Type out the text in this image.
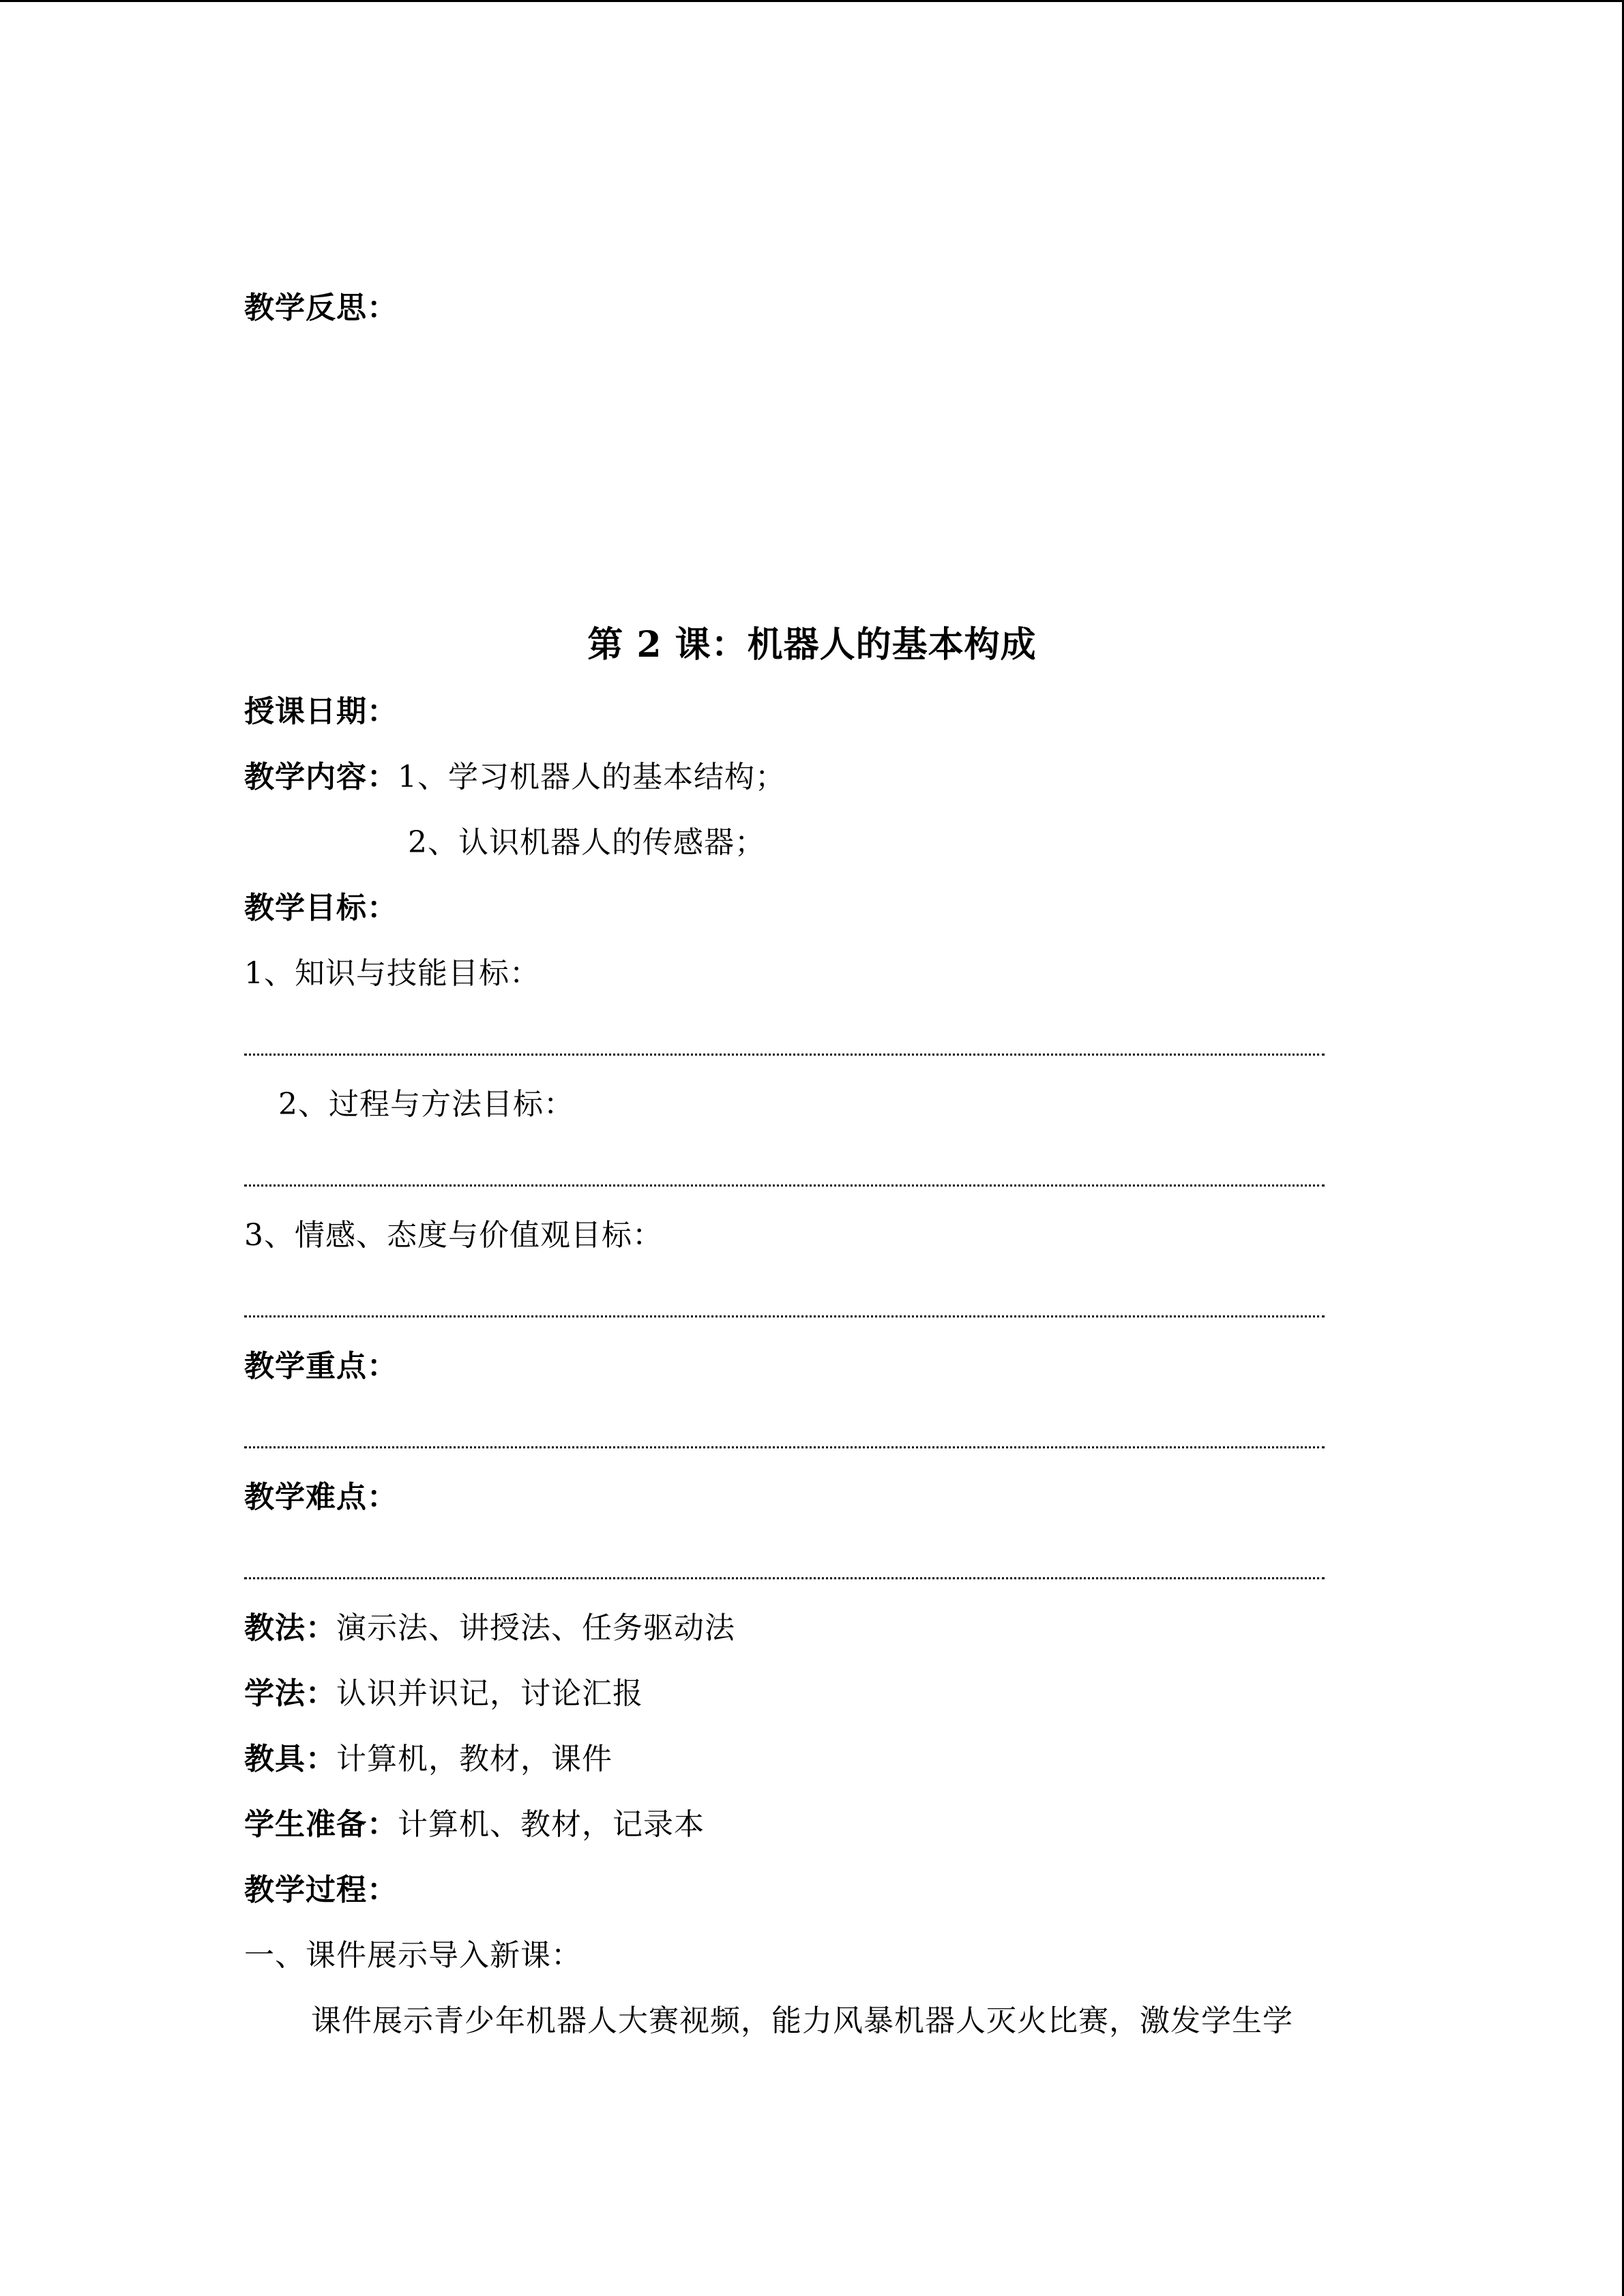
教学反思：
第 2 课：机器人的基本构成
授课日期：
教学内容：1、学习机器人的基本结构；
2、认识机器人的传感器；
教学目标：
1、知识与技能目标：
2、过程与方法目标：
3、情感、态度与价值观目标：
教学重点：
教学难点：
教法：演示法、讲授法、任务驱动法
学法：认识并识记，讨论汇报
教具：计算机，教材，课件
学生准备：计算机、教材，记录本
教学过程：
一、课件展示导入新课：
课件展示青少年机器人大赛视频，能力风暴机器人灭火比赛，激发学生学
